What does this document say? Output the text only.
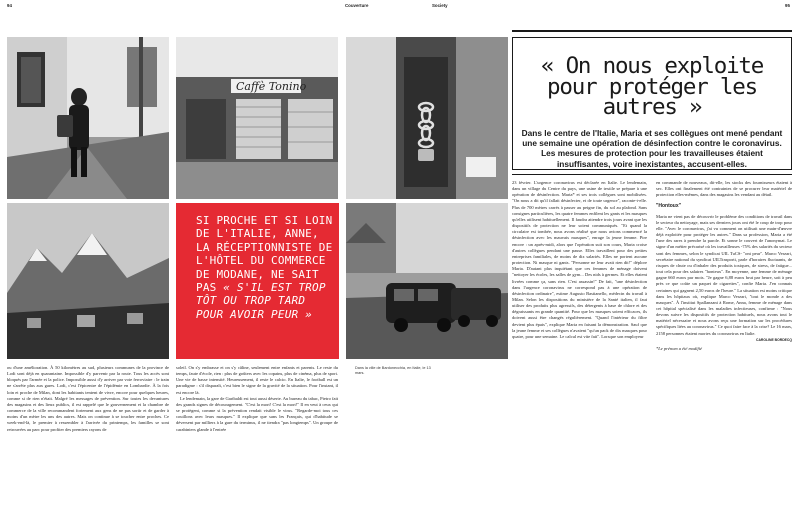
94	Couverture	Society	95
Caffè Tonino
SI PROCHE ET SI LOIN DE L'ITALIE, ANNE, LA RÉCEPTIONNISTE DE L'HÔTEL DU COMMERCE DE MODANE, NE SAIT PAS « S'IL EST TROP TÔT OU TROP TARD POUR AVOIR PEUR »
Dans la ville de Bardonecchia, en Italie, le 13 mars.

ou d'une amélioration. À 50 kilomètres au sud, plusieurs communes de la province de Lodi sont déjà en quarantaine. Impossible d'y parvenir par la route. Tous les accès sont bloqués par l'armée et la police. Impossible aussi d'y arriver par voie ferroviaire : le train ne s'arrête plus aux gares. Lodi, c'est l'épicentre de l'épidémie en Lombardie. À la fois loin et proche de Milan, dont les habitants tentent de vivre, encore pour quelques heures, comme si de rien n'était. Malgré les messages de prévention. Sur toutes les devantures des magasins et des lieux publics, il est rappelé que le gouvernement et la chambre de commerce de la ville recommandent fortement aux gens de ne pas sortir et de garder à moins d'un mètre les uns des autres. Mais on continue à se toucher entre proches. Ce week-end-là, le premier à ressembler à l'arrivée du printemps, les familles se sont retrouvées au parc pour profiter des premiers rayons de

soleil. On s'y embrasse et on s'y câline, seulement entre enfants et parents. Le reste du temps, faute d'école, rien : plus de goûters avec les copains, plus de cinéma, plus de sport. Une vie de basse intensité. Heureusement, il reste le calcio. En Italie, le football est un paradigme : s'il disparaît, c'est bien le signe de la gravité de la situation. Pour l'instant, il est encore là.

Le lendemain, la gare de Garibaldi est tout aussi déserte. Au bureau du tabac, Pietro fait des grands signes de découragement. "C'est la mort! C'est la mort!" Il en veut à ceux qui se protègent, comme si la prévention rendait visible le virus. "Regarde-moi tous ces couillons avec leurs masques." Il explique que sans les Français, qui d'habitude se déversent par milliers à la gare du terminus, il ne tiendra "pas longtemps". Un groupe de carabiniers glande à l'entrée

« On nous exploite pour protéger les autres »
Dans le centre de l'Italie, Maria et ses collègues ont mené pendant une semaine une opération de désinfection contre le coronavirus. Les mesures de protection pour les travailleuses étaient insuffisantes, voire inexistantes, accusent-elles.

23 février. L'urgence coronavirus est déclarée en Italie. Le lendemain, dans un village du Centre du pays, une usine de textile se prépare à une opération de désinfection. Maria* et ses trois collègues sont mobilisées. "On nous a dit qu'il fallait désinfecter, et de toute urgence", raconte-t-elle. Plus de 700 mètres carrés à passer au peigne fin, du sol au plafond. Sans consignes particulières, les quatre femmes enfilent les gants et les masques qu'elles utilisent habituellement. Il faudra attendre trois jours avant que les dispositifs de protection ne leur soient communiqués. "Et quand la circulaire est tombée, nous avons réalisé que nous avions commencé la désinfection avec les mauvais masques", enrage la jeune femme. Pire encore : un après-midi, alors que l'opération suit son cours, Maria croise d'autres collègues pendant une pause. Elles travaillent pour des petites entreprises familiales, de moins de dix salariés. Elles ne portent aucune protection. Ni masque ni gants. "Personne ne leur avait rien dit!" déplore Maria. D'autant plus inquiétant que ces femmes de ménage doivent "nettoyer les écoles, les salles de gym... Des nids à germes. Et elles étaient livrées comme ça, sans rien. C'est assassin!" De fait, "une désinfection dans l'urgence coronavirus ne correspond pas à une opération de désinfection ordinaire", estime Augusto Bastianello, médecin du travail à Milan. Selon les dispositions du ministère de la Santé italien, il faut utiliser des produits plus agressifs, des détergents à base de chlore et des dégraissants en grande quantité. Pour que les masques soient efficaces, ils doivent aussi être changés régulièrement. "Quand l'intérieur du filtre devient plus épais", explique Maria en faisant la démonstration. Sauf que la jeune femme et ses collègues n'avaient "qu'un pack de dix masques pour quatre, pour une semaine. Le calcul est vite fait". Lorsque son employeur

en commande de nouveaux, dit-elle, les stocks des fournisseurs étaient à sec. Elles ont finalement été contraintes de se procurer leur matériel de protection elles-mêmes, dans des magasins les vendant au détail.

"Hontoux"

Maria ne vient pas de découvrir le problème des conditions de travail dans le secteur du nettoyage, mais ses derniers jours ont été le coup de trop pour elle. "Avec le coronavirus, j'ai vu comment on utilisait une main-d'œuvre déjà exploitée pour protéger les autres." Dans sa profession, Maria a été l'une des rares à prendre la parole. Et sonne le couvert de l'anonymat. Le signe d'un métier précarisé où les travailleuses -75% des salariés du secteur sont des femmes, selon le syndicat UIL TuCS- "ont peur". Marco Verzari, secrétaire national du syndicat UILTrasporti, parle d'horaires fluctuants, de risques de chute ou d'inhaler des produits toxiques, de stress, de fatigue... tout cela pour des salaires "honteux". En moyenne, une femme de ménage gagne 660 euros par mois. "Je gagne 6,88 euros brut par heure, soit à peu près ce que coûte un paquet de cigarettes", confie Maria. J'en connais certaines qui gagnent 2,50 euros de l'heure." La situation est moins critique dans les hôpitaux où, explique Marco Verzari, "tout le monde a des masques". À l'institut Spallanzani à Rome, Anna, femme de ménage dans cet hôpital spécialisé dans les maladies infectieuses, confirme : "Nous devons suivre les dispositifs de protection habituels, nous avons tout le matériel nécessaire et nous avons reçu une formation sur les procédures spécifiques liées au coronavirus." Ce quoi faire face à la crise? Le 16 mars, 2158 personnes étaient mortes du coronavirus en Italie.

CAROLINE BORDECQ

*Le prénom a été modifié
